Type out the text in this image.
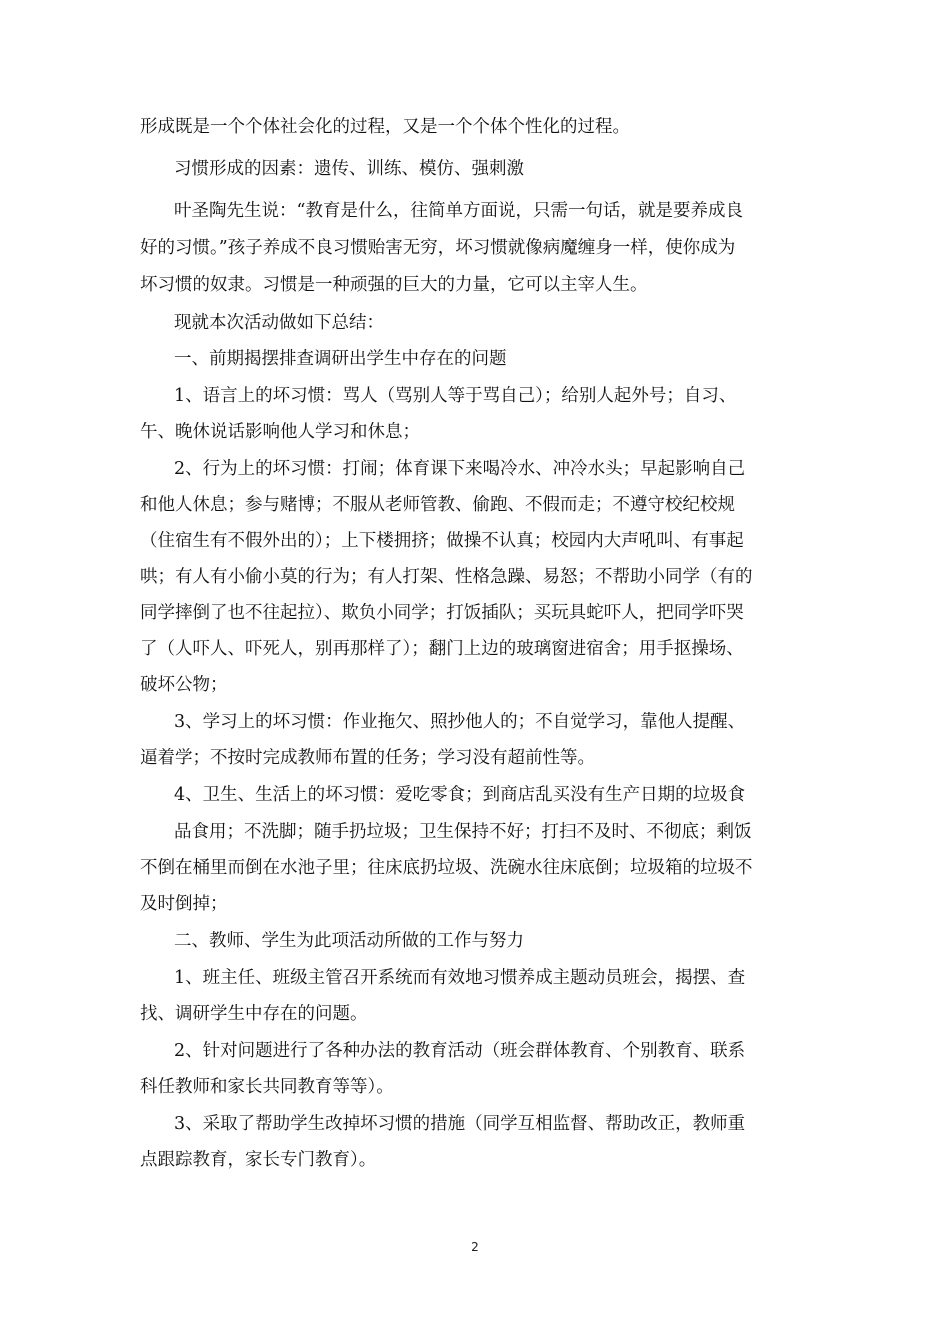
形成既是一个个体社会化的过程，又是一个个体个性化的过程。
习惯形成的因素：遗传、训练、模仿、强刺激
叶圣陶先生说：“教育是什么，往简单方面说，只需一句话，就是要养成良
好的习惯。”孩子养成不良习惯贻害无穷，坏习惯就像病魔缠身一样，使你成为
坏习惯的奴隶。习惯是一种顽强的巨大的力量，它可以主宰人生。
现就本次活动做如下总结：
一、前期揭摆排查调研出学生中存在的问题
1、语言上的坏习惯：骂人（骂别人等于骂自己）；给别人起外号；自习、
午、晚休说话影响他人学习和休息；
2、行为上的坏习惯：打闹；体育课下来喝冷水、冲冷水头；早起影响自己
和他人休息；参与赌博；不服从老师管教、偷跑、不假而走；不遵守校纪校规
（住宿生有不假外出的）；上下楼拥挤；做操不认真；校园内大声吼叫、有事起
哄；有人有小偷小莫的行为；有人打架、性格急躁、易怒；不帮助小同学（有的
同学摔倒了也不往起拉）、欺负小同学；打饭插队；买玩具蛇吓人，把同学吓哭
了（人吓人、吓死人，别再那样了）；翻门上边的玻璃窗进宿舍；用手抠操场、
破坏公物；
3、学习上的坏习惯：作业拖欠、照抄他人的；不自觉学习，靠他人提醒、
逼着学；不按时完成教师布置的任务；学习没有超前性等。
4、卫生、生活上的坏习惯：爱吃零食；到商店乱买没有生产日期的垃圾食
品食用；不洗脚；随手扔垃圾；卫生保持不好；打扫不及时、不彻底；剩饭
不倒在桶里而倒在水池子里；往床底扔垃圾、洗碗水往床底倒；垃圾箱的垃圾不
及时倒掉；
二、教师、学生为此项活动所做的工作与努力
1、班主任、班级主管召开系统而有效地习惯养成主题动员班会，揭摆、查
找、调研学生中存在的问题。
2、针对问题进行了各种办法的教育活动（班会群体教育、个别教育、联系
科任教师和家长共同教育等等）。
3、采取了帮助学生改掉坏习惯的措施（同学互相监督、帮助改正，教师重
点跟踪教育，家长专门教育）。
2
